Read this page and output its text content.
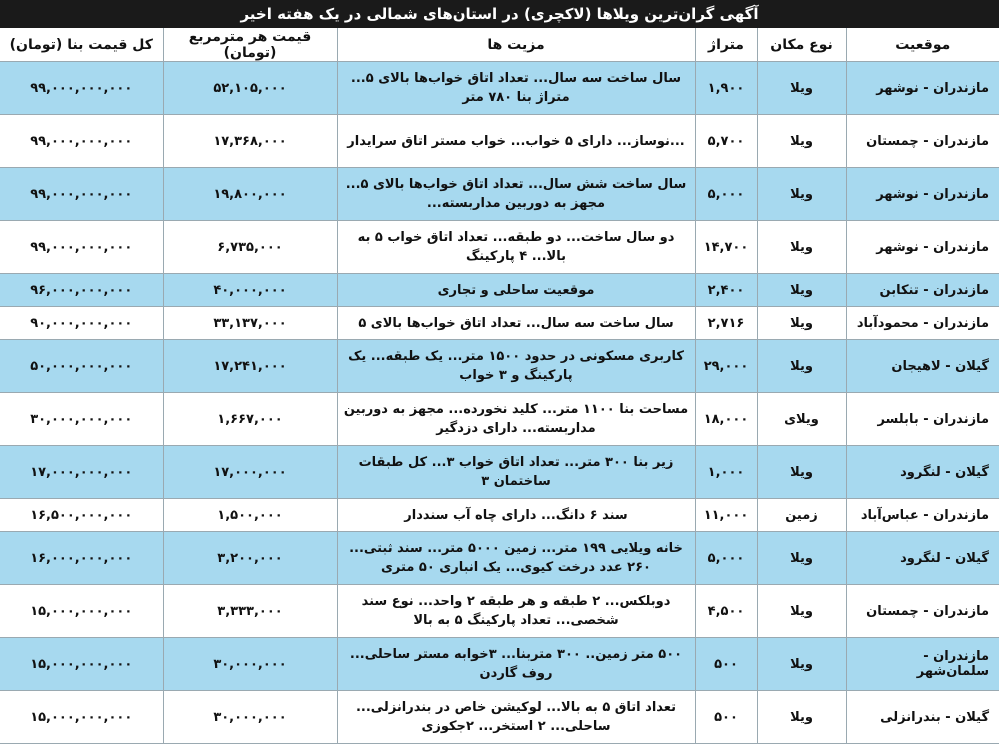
آگهی گران‌ترین ویلاها (لاکچری) در استان‌های شمالی در یک هفته اخیر
موقعیت	نوع مکان	متراژ	مزیت ها	قیمت هر مترمربع (تومان)	کل قیمت بنا (تومان)
مازندران - نوشهر	ویلا	۱,۹۰۰	سال ساخت سه سال... تعداد اتاق خواب‌ها بالای ۵... متراژ بنا ۷۸۰ متر	۵۲,۱۰۵,۰۰۰	۹۹,۰۰۰,۰۰۰,۰۰۰
مازندران - چمستان	ویلا	۵,۷۰۰	...نوساز... دارای ۵ خواب... خواب مستر اتاق سرایدار	۱۷,۳۶۸,۰۰۰	۹۹,۰۰۰,۰۰۰,۰۰۰
مازندران - نوشهر	ویلا	۵,۰۰۰	سال ساخت شش سال... تعداد اتاق خواب‌ها بالای ۵... مجهز به دوربین مداربسته...	۱۹,۸۰۰,۰۰۰	۹۹,۰۰۰,۰۰۰,۰۰۰
مازندران - نوشهر	ویلا	۱۴,۷۰۰	دو سال ساخت... دو طبقه... تعداد اتاق خواب ۵ به بالا... ۴ پارکینگ	۶,۷۳۵,۰۰۰	۹۹,۰۰۰,۰۰۰,۰۰۰
مازندران - تنکابن	ویلا	۲,۴۰۰	موقعیت ساحلی و تجاری	۴۰,۰۰۰,۰۰۰	۹۶,۰۰۰,۰۰۰,۰۰۰
مازندران - محمودآباد	ویلا	۲,۷۱۶	سال ساخت سه سال... تعداد اتاق خواب‌ها بالای ۵	۳۳,۱۳۷,۰۰۰	۹۰,۰۰۰,۰۰۰,۰۰۰
گیلان - لاهیجان	ویلا	۲۹,۰۰۰	کاربری مسکونی در حدود ۱۵۰۰ متر... یک طبقه... یک پارکینگ و ۳ خواب	۱۷,۲۴۱,۰۰۰	۵۰,۰۰۰,۰۰۰,۰۰۰
مازندران - بابلسر	ویلای	۱۸,۰۰۰	مساحت بنا ۱۱۰۰ متر... کلید نخورده... مجهز به دوربین مداربسته... دارای دزدگیر	۱,۶۶۷,۰۰۰	۳۰,۰۰۰,۰۰۰,۰۰۰
گیلان - لنگرود	ویلا	۱,۰۰۰	زیر بنا ۳۰۰ متر... تعداد اتاق خواب ۳... کل طبقات ساختمان ۳	۱۷,۰۰۰,۰۰۰	۱۷,۰۰۰,۰۰۰,۰۰۰
مازندران - عباس‌آباد	زمین	۱۱,۰۰۰	سند ۶ دانگ... دارای چاه آب سنددار	۱,۵۰۰,۰۰۰	۱۶,۵۰۰,۰۰۰,۰۰۰
گیلان - لنگرود	ویلا	۵,۰۰۰	خانه ویلایی ۱۹۹ متر... زمین ۵۰۰۰ متر... سند ثبتی... ۲۶۰ عدد درخت کیوی... یک انباری ۵۰ متری	۳,۲۰۰,۰۰۰	۱۶,۰۰۰,۰۰۰,۰۰۰
مازندران - چمستان	ویلا	۴,۵۰۰	دوبلکس... ۲ طبقه و هر طبقه ۲ واحد... نوع سند شخصی... تعداد پارکینگ ۵ به بالا	۳,۳۳۳,۰۰۰	۱۵,۰۰۰,۰۰۰,۰۰۰
مازندران - سلمان‌شهر	ویلا	۵۰۰	۵۰۰ متر زمین.. ۳۰۰ متربنا... ۳خوابه مستر ساحلی... روف گاردن	۳۰,۰۰۰,۰۰۰	۱۵,۰۰۰,۰۰۰,۰۰۰
گیلان - بندرانزلی	ویلا	۵۰۰	تعداد اتاق ۵ به بالا... لوکیشن خاص در بندرانزلی... ساحلی... ۲ استخر... ۲جکوزی	۳۰,۰۰۰,۰۰۰	۱۵,۰۰۰,۰۰۰,۰۰۰
